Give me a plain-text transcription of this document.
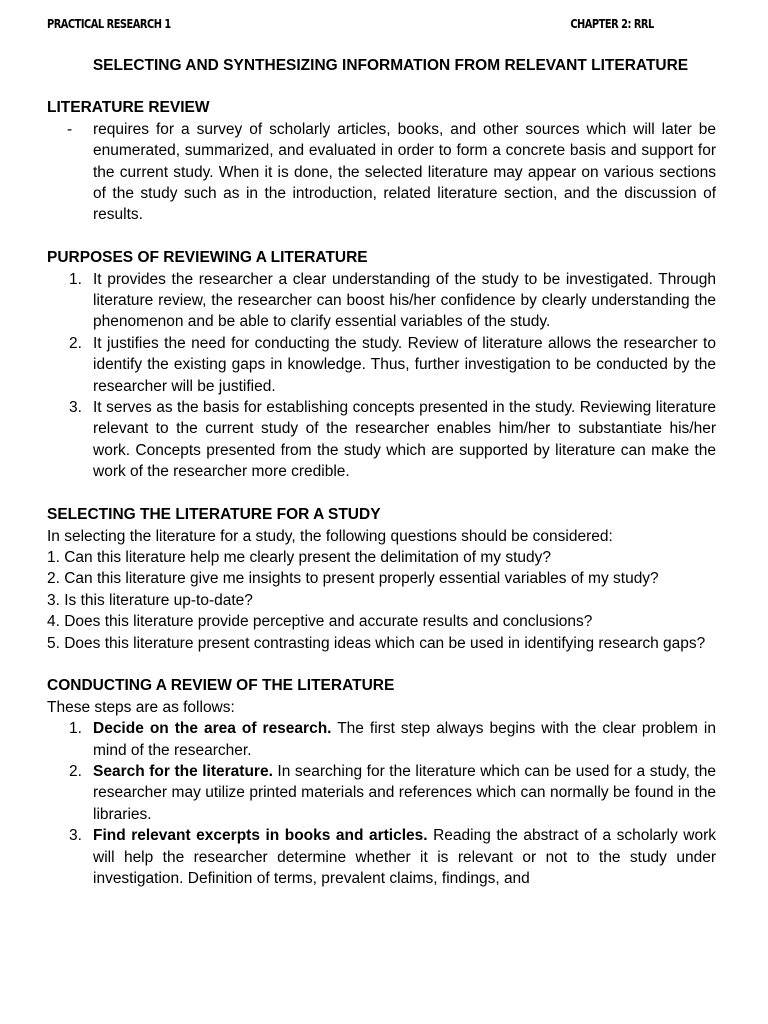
PRACTICAL RESEARCH 1	CHAPTER 2: RRL
SELECTING AND SYNTHESIZING INFORMATION FROM RELEVANT LITERATURE
LITERATURE REVIEW
-	requires for a survey of scholarly articles, books, and other sources which will later be enumerated, summarized, and evaluated in order to form a concrete basis and support for the current study. When it is done, the selected literature may appear on various sections of the study such as in the introduction, related literature section, and the discussion of results.
PURPOSES OF REVIEWING A LITERATURE
1. It provides the researcher a clear understanding of the study to be investigated. Through literature review, the researcher can boost his/her confidence by clearly understanding the phenomenon and be able to clarify essential variables of the study.
2. It justifies the need for conducting the study. Review of literature allows the researcher to identify the existing gaps in knowledge. Thus, further investigation to be conducted by the researcher will be justified.
3. It serves as the basis for establishing concepts presented in the study. Reviewing literature relevant to the current study of the researcher enables him/her to substantiate his/her work. Concepts presented from the study which are supported by literature can make the work of the researcher more credible.
SELECTING THE LITERATURE FOR A STUDY

In selecting the literature for a study, the following questions should be considered:

1. Can this literature help me clearly present the delimitation of my study?

2. Can this literature give me insights to present properly essential variables of my study?

3. Is this literature up-to-date?

4. Does this literature provide perceptive and accurate results and conclusions?

5. Does this literature present contrasting ideas which can be used in identifying research gaps?

CONDUCTING A REVIEW OF THE LITERATURE

These steps are as follows:

1. Decide on the area of research. The first step always begins with the clear problem in mind of the researcher.
2. Search for the literature. In searching for the literature which can be used for a study, the researcher may utilize printed materials and references which can normally be found in the libraries.
3. Find relevant excerpts in books and articles. Reading the abstract of a scholarly work will help the researcher determine whether it is relevant or not to the study under investigation. Definition of terms, prevalent claims, findings, and
